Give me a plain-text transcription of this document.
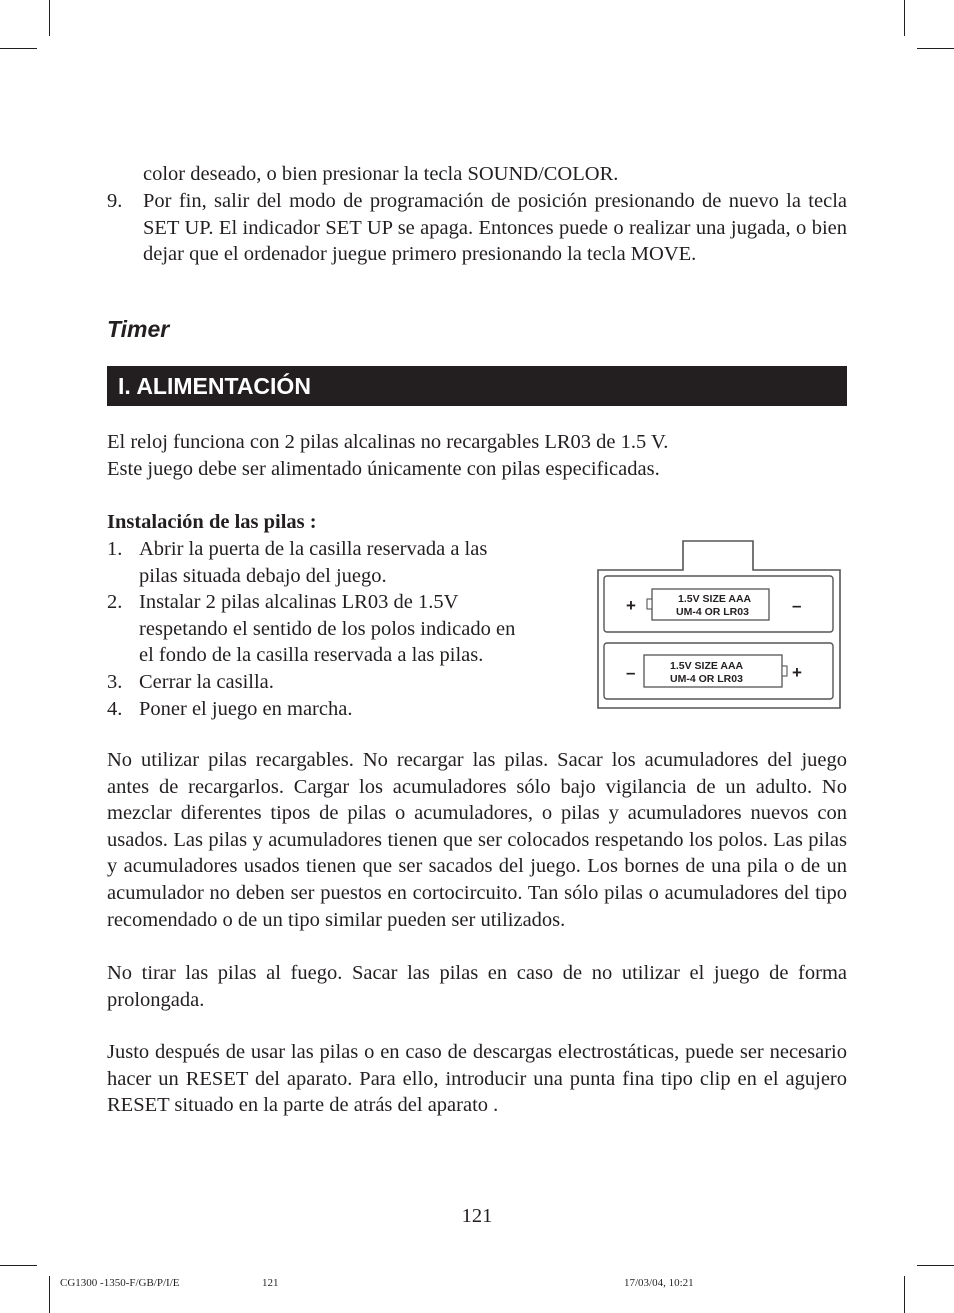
color deseado, o bien presionar la tecla SOUND/COLOR.
9. Por fin, salir del modo de programación de posición presionando de nuevo la tecla SET UP. El indicador SET UP se apaga. Entonces puede o realizar una jugada, o bien dejar que el ordenador juegue primero presionando la tecla MOVE.
Timer
I. ALIMENTACIÓN
El reloj funciona con 2 pilas alcalinas no recargables LR03 de 1.5 V.
Este juego debe ser alimentado únicamente con pilas especificadas.
Instalación de las pilas :
1. Abrir la puerta de la casilla reservada a las
pilas situada debajo del juego.
2. Instalar 2 pilas alcalinas LR03 de 1.5V
respetando el sentido de los polos indicado en
el fondo de la casilla reservada a las pilas.
3. Cerrar la casilla.
4. Poner el juego en marcha.
1.5V SIZE AAA
UM-4 OR LR03
+	–
1.5V SIZE AAA
UM-4 OR LR03
–	+
No utilizar pilas recargables. No recargar las pilas. Sacar los acumuladores del juego antes de recargarlos. Cargar los acumuladores sólo bajo vigilancia de un adulto. No mezclar diferentes tipos de pilas o acumuladores, o pilas y acumuladores nuevos con usados. Las pilas y acumuladores tienen que ser colocados respetando los polos. Las pilas y acumuladores usados tienen que ser sacados del juego. Los bornes de una pila o de un acumulador no deben ser puestos en cortocircuito. Tan sólo pilas o acumuladores del tipo recomendado o de un tipo similar pueden ser utilizados.
No tirar las pilas al fuego. Sacar las pilas en caso de no utilizar el juego de forma prolongada.
Justo después de usar las pilas o en caso de descargas electrostáticas, puede ser necesario hacer un RESET del aparato. Para ello, introducir una punta fina tipo clip en el agujero RESET situado en la parte de atrás del aparato .
121
CG1300 -1350-F/GB/P/I/E	121	17/03/04, 10:21
